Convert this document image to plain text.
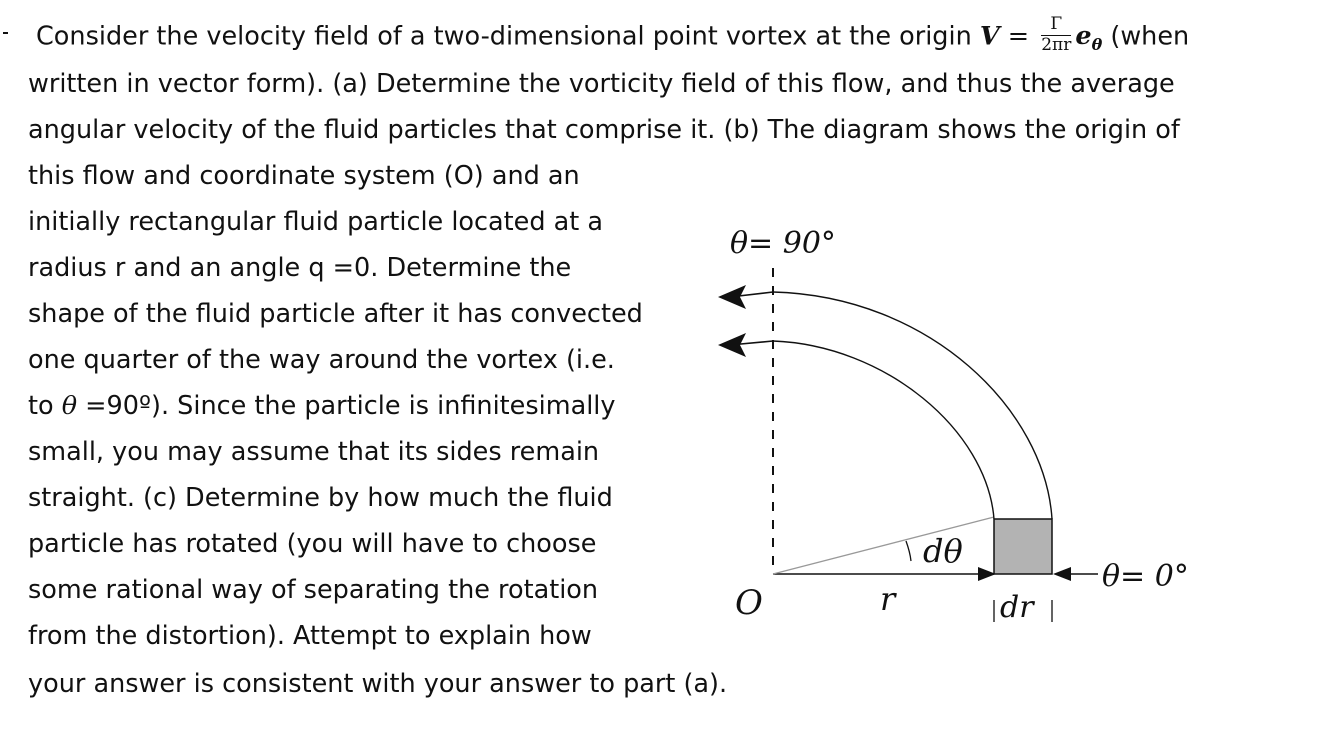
Consider the velocity field of a two-dimensional point vortex at the origin $V = \frac{\Gamma}{2\pi r} e_\theta$ (when
written in vector form). (a) Determine the vorticity field of this flow, and thus the average
angular velocity of the fluid particles that comprise it. (b) The diagram shows the origin of
this flow and coordinate system (O) and an
initially rectangular fluid particle located at a
radius r and an angle q =0. Determine the
shape of the fluid particle after it has convected
one quarter of the way around the vortex (i.e.
to θ =90º). Since the particle is infinitesimally
small, you may assume that its sides remain
straight. (c) Determine by how much the fluid
particle has rotated (you will have to choose
some rational way of separating the rotation
from the distortion). Attempt to explain how
your answer is consistent with your answer to part (a).
θ= 90°
θ= 0°
O	r
dθ
dr
